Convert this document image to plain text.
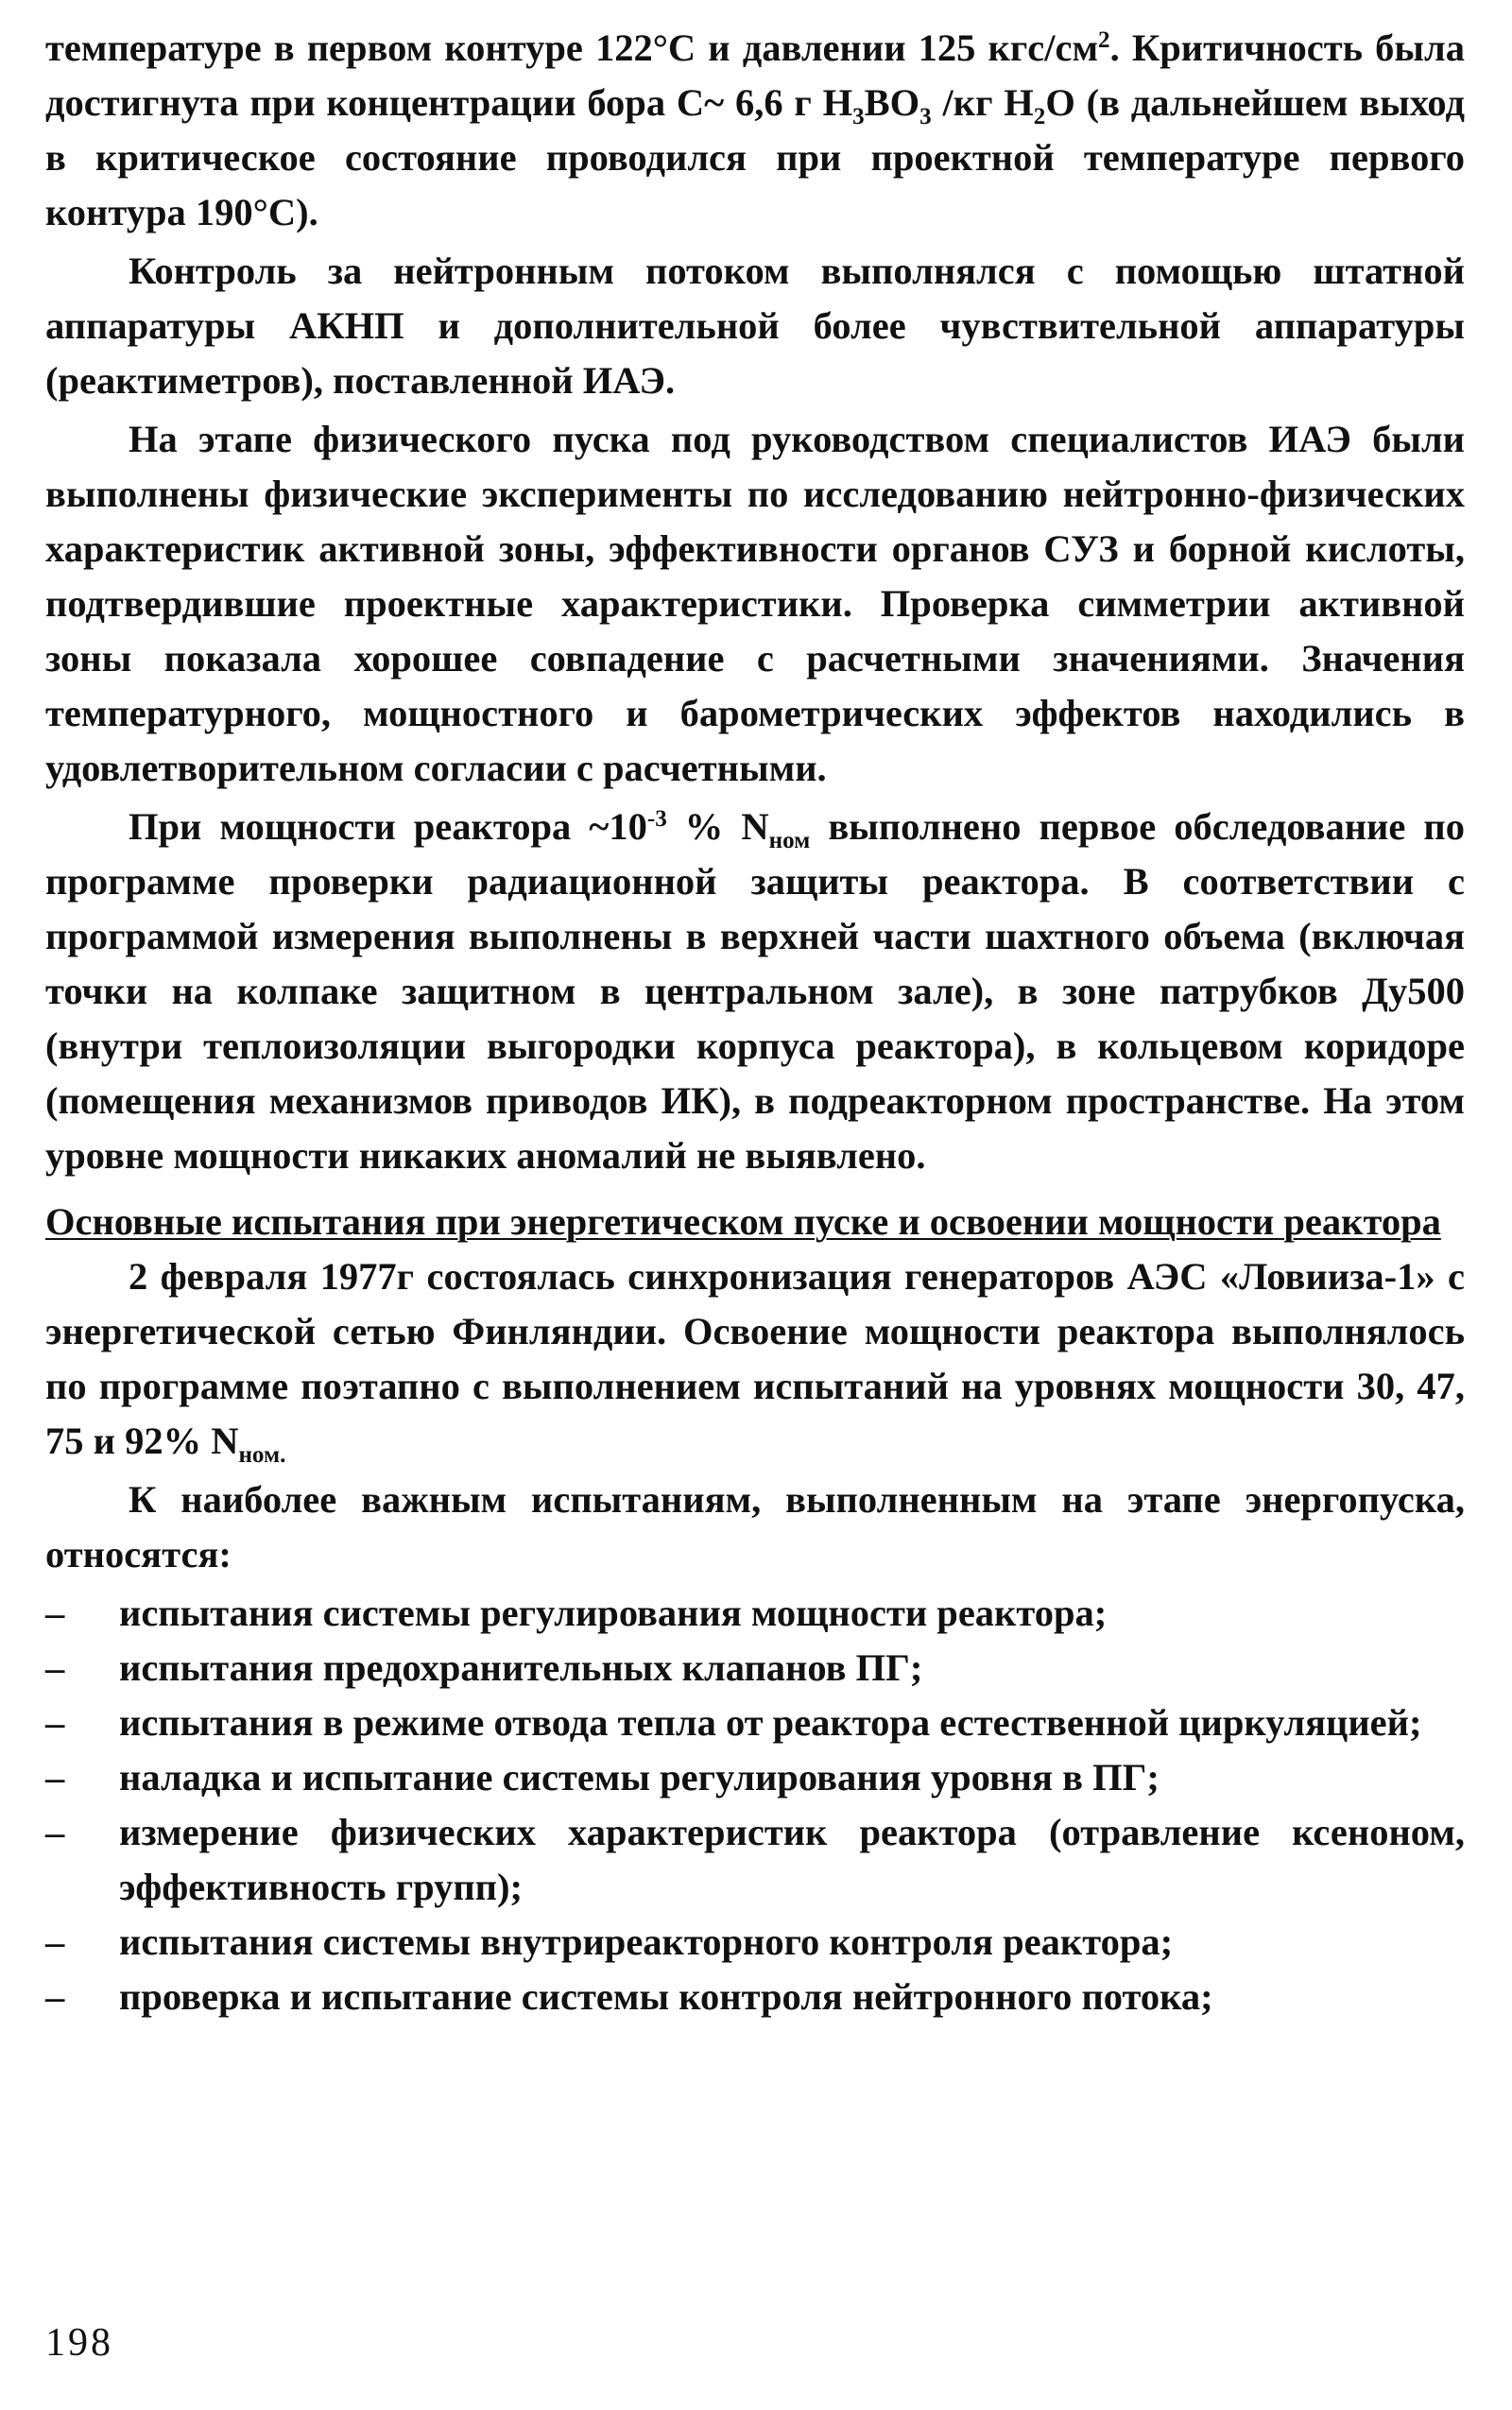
температуре в первом контуре 122°С и давлении 125 кгс/$см^2$. Критичность была достигнута при концентрации бора С~ 6,6 г $Н_3ВО_3$ /кг $Н_2О$ (в дальнейшем выход в критическое состояние проводился при проектной температуре первого контура 190°С).

Контроль за нейтронным потоком выполнялся с помощью штатной аппаратуры АКНП и дополнительной более чувствительной аппаратуры (реактиметров), поставленной ИАЭ.

На этапе физического пуска под руководством специалистов ИАЭ были выполнены физические эксперименты по исследованию нейтронно-физических характеристик активной зоны, эффективности органов СУЗ и борной кислоты, подтвердившие проектные характеристики. Проверка симметрии активной зоны показала хорошее совпадение с расчетными значениями. Значения температурного, мощностного и барометрических эффектов находились в удовлетворительном согласии с расчетными.

При мощности реактора $\sim 10^{-3}$ % $N_{ном}$ выполнено первое обследование по программе проверки радиационной защиты реактора. В соответствии с программой измерения выполнены в верхней части шахтного объема (включая точки на колпаке защитном в центральном зале), в зоне патрубков Ду500 (внутри теплоизоляции выгородки корпуса реактора), в кольцевом коридоре (помещения механизмов приводов ИК), в подреакторном пространстве. На этом уровне мощности никаких аномалий не выявлено.

Основные испытания при энергетическом пуске и освоении мощности реактора

2 февраля 1977г состоялась синхронизация генераторов АЭС «Ловииза-1» с энергетической сетью Финляндии. Освоение мощности реактора выполнялось по программе поэтапно с выполнением испытаний на уровнях мощности 30, 47, 75 и 92% $N_{ном.}$

К наиболее важным испытаниям, выполненным на этапе энергопуска, относятся:

–	испытания системы регулирования мощности реактора;
–	испытания предохранительных клапанов ПГ;
–	испытания в режиме отвода тепла от реактора естественной циркуляцией;
–	наладка и испытание системы регулирования уровня в ПГ;
–	измерение физических характеристик реактора (отравление ксеноном, эффективность групп);
–	испытания системы внутриреакторного контроля реактора;
–	проверка и испытание системы контроля нейтронного потока;
198
